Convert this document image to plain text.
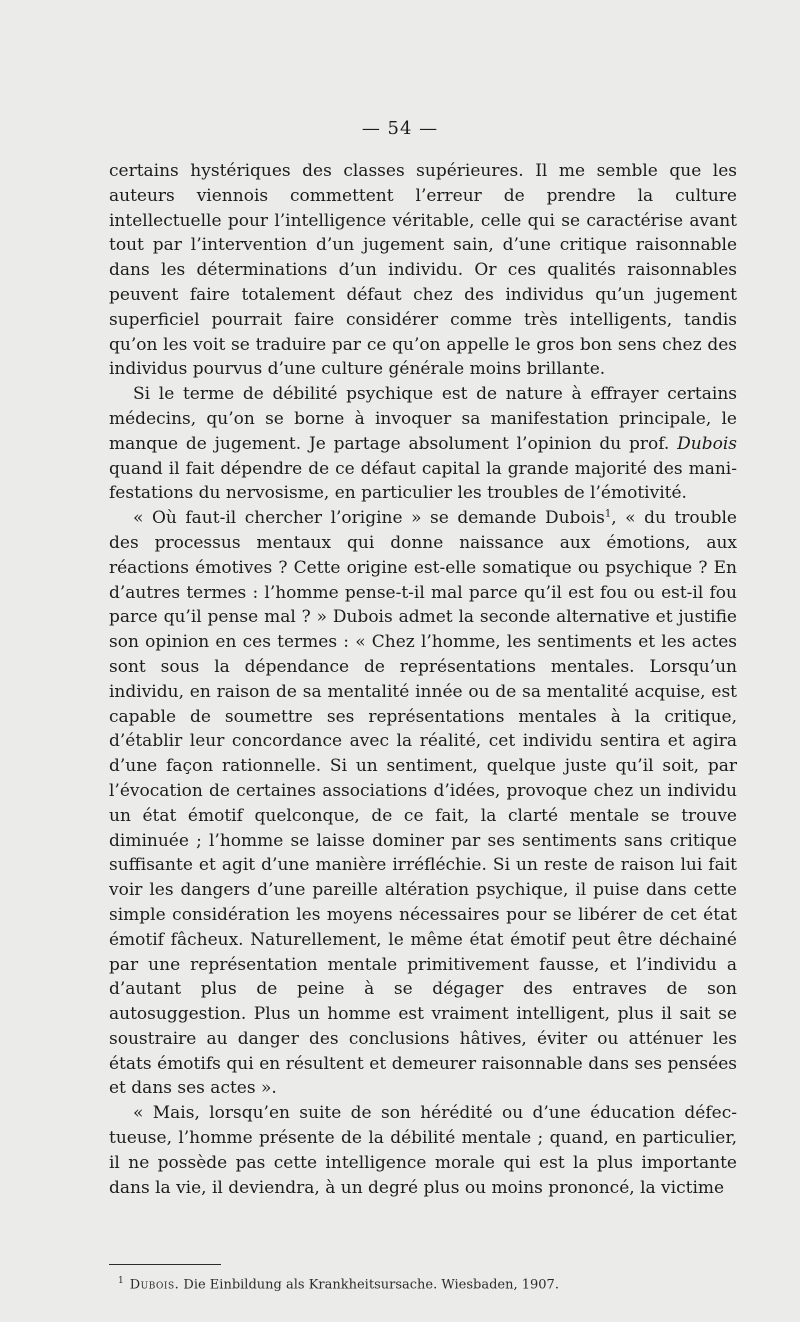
— 54 —

certains hystériques des classes supérieures. Il me semble que les auteurs viennois commettent l’erreur de prendre la culture intellectuelle pour l’intelligence véritable, celle qui se caractérise avant tout par l’intervention d’un jugement sain, d’une critique raisonnable dans les déterminations d’un individu. Or ces qualités raisonnables peuvent faire totalement défaut chez des individus qu’un jugement superficiel pourrait faire considérer comme très intelligents, tandis qu’on les voit se traduire par ce qu’on appelle le gros bon sens chez des individus pourvus d’une culture générale moins brillante.

Si le terme de débilité psychique est de nature à effrayer certains médecins, qu’on se borne à invoquer sa manifestation principale, le manque de jugement. Je partage absolument l’opinion du prof. Dubois quand il fait dépendre de ce défaut capital la grande majorité des manifestations du nervosisme, en particulier les troubles de l’émotivité.

« Où faut-il chercher l’origine » se demande Dubois$^1$, « du trouble des processus mentaux qui donne naissance aux émotions, aux réactions émotives ? Cette origine est-elle somatique ou psychique ? En d’autres termes : l’homme pense-t-il mal parce qu’il est fou ou est-il fou parce qu’il pense mal ? » Dubois admet la seconde alternative et justifie son opinion en ces termes : « Chez l’homme, les sentiments et les actes sont sous la dépendance de représentations mentales. Lorsqu’un individu, en raison de sa mentalité innée ou de sa mentalité acquise, est capable de soumettre ses représentations mentales à la critique, d’établir leur concordance avec la réalité, cet individu sentira et agira d’une façon rationnelle. Si un sentiment, quelque juste qu’il soit, par l’évocation de certaines associations d’idées, provoque chez un individu un état émotif quelconque, de ce fait, la clarté mentale se trouve diminuée ; l’homme se laisse dominer par ses sentiments sans critique suffisante et agit d’une manière irréfléchie. Si un reste de raison lui fait voir les dangers d’une pareille altération psychique, il puise dans cette simple considération les moyens nécessaires pour se libérer de cet état émotif fâcheux. Naturellement, le même état émotif peut être déchainé par une représentation mentale primitivement fausse, et l’individu a d’autant plus de peine à se dégager des entraves de son autosuggestion. Plus un homme est vraiment intelligent, plus il sait se soustraire au danger des conclusions hâtives, éviter ou atténuer les états émotifs qui en résultent et demeurer raisonnable dans ses pensées et dans ses actes ».

« Mais, lorsqu’en suite de son hérédité ou d’une éducation défectueuse, l’homme présente de la débilité mentale ; quand, en particulier, il ne possède pas cette intelligence morale qui est la plus importante dans la vie, il deviendra, à un degré plus ou moins prononcé, la victime

$^1$ Dubois. Die Einbildung als Krankheitsursache. Wiesbaden, 1907.
